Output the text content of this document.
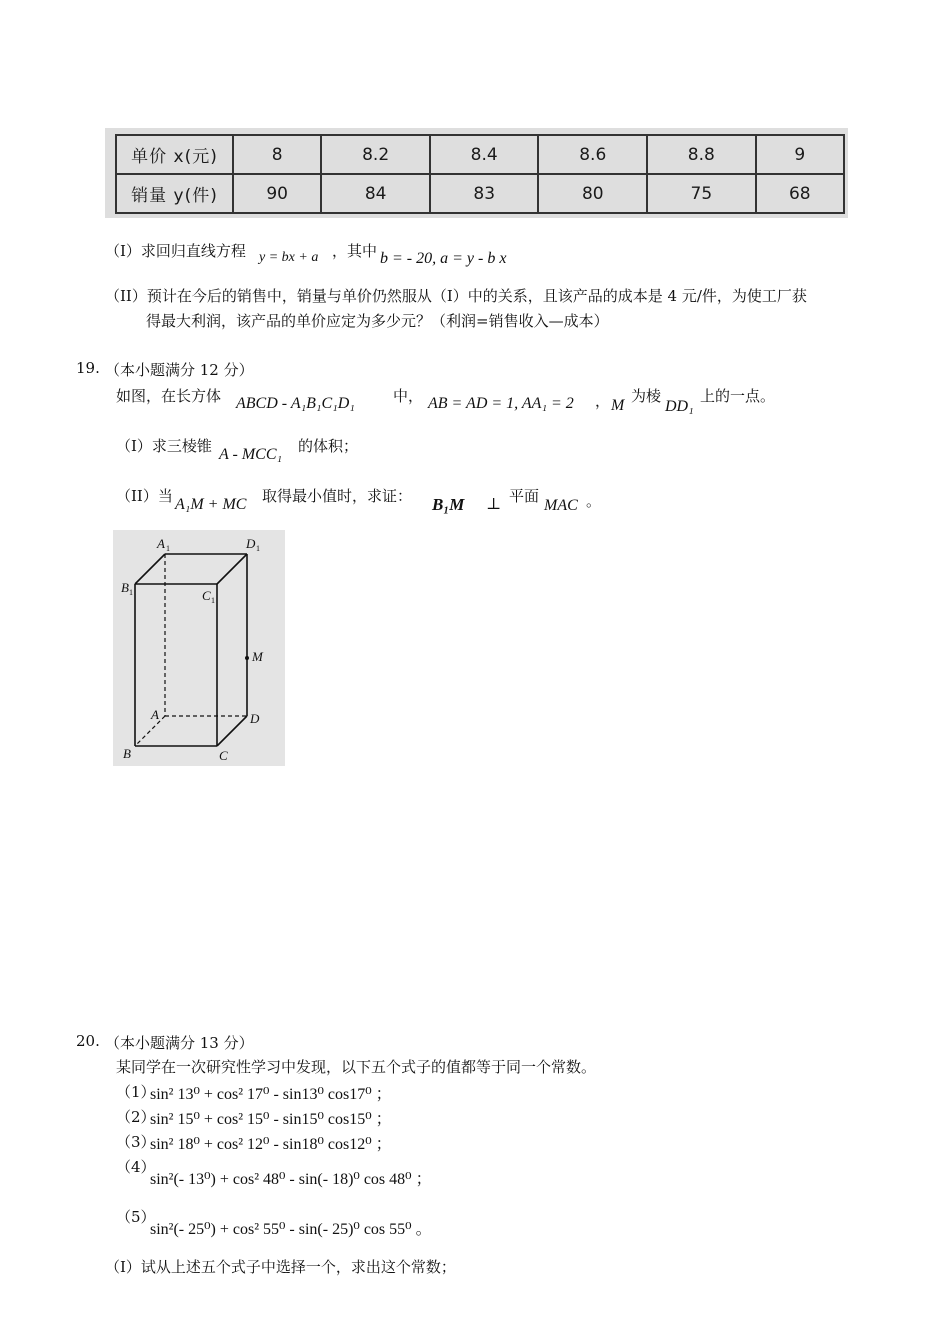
单价 x(元)	8	8.2	8.4	8.6	8.8	9
销量 y(件)	90	84	83	80	75	68
（I）求回归直线方程 y = bx + a ，其中 b = - 20, a = y - b x
（II）预计在今后的销售中，销量与单价仍然服从（I）中的关系，且该产品的成本是 4 元/件，为使工厂获
得最大利润，该产品的单价应定为多少元？（利润=销售收入—成本）
19. （本小题满分 12 分）
如图，在长方体 ABCD - A₁B₁C₁D₁	中， AB = AD = 1, AA₁ = 2 ， M
为棱
DD₁
上的一点。
（I）求三棱锥 A - MCC₁ 的体积；
（II）当 A₁M + MC 取得最小值时，求证： B₁M ⊥ 平面
MAC 。
A 1	D 1
B 1	C 1
M
A	D
B	C
20. （本小题满分 13 分）
某同学在一次研究性学习中发现，以下五个式子的值都等于同一个常数。
（1）
sin² 13⁰ + cos² 17⁰ - sin13⁰ cos17⁰ ；
（2）
sin² 15⁰ + cos² 15⁰ - sin15⁰ cos15⁰ ；
（3）
sin² 18⁰ + cos² 12⁰ - sin18⁰ cos12⁰ ；
（4）
sin²(- 13⁰) + cos² 48⁰ - sin(- 18)⁰ cos 48⁰ ；
（5）
sin²(- 25⁰) + cos² 55⁰ - sin(- 25)⁰ cos 55⁰ 。
（I）试从上述五个式子中选择一个，求出这个常数；
